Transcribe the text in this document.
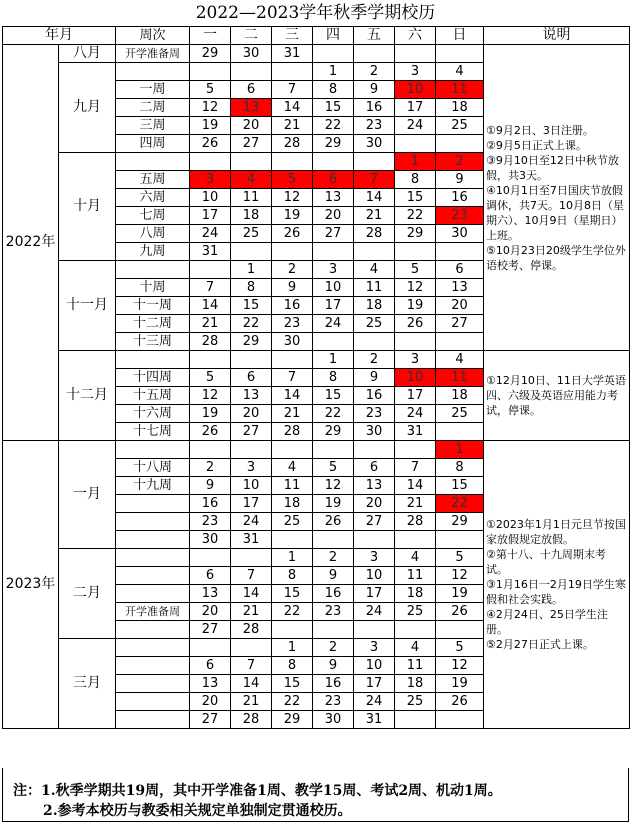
2022—2023学年秋季学期校历
年月		周次	一	二	三	四	五	六	日	说明
2022年	八月	开学准备周	29	30	31					①9月2日、3日注册。
②9月5日正式上课。
③9月10日至12日中秋节放假，共3天。
④10月1日至7日国庆节放假调休，共7天。10月8日（星期六）、10月9日（星期日）上班。
⑤10月23日20级学生学位外语校考、停课。

	九月					1	2	3	4	
		一周	5	6	7	8	9	10	11	
		二周	12	13	14	15	16	17	18	
		三周	19	20	21	22	23	24	25	
		四周	26	27	28	29	30			
	十月							1	2	
		五周	3	4	5	6	7	8	9	
		六周	10	11	12	13	14	15	16	
		七周	17	18	19	20	21	22	23	
		八周	24	25	26	27	28	29	30	
		九周	31							
	十一月			1	2	3	4	5	6	
		十周	7	8	9	10	11	12	13	
		十一周	14	15	16	17	18	19	20	
		十二周	21	22	23	24	25	26	27	
		十三周	28	29	30					
	十二月					1	2	3	4	①12月10日、11日大学英语四、六级及英语应用能力考试，停课。

		十四周	5	6	7	8	9	10	11	
		十五周	12	13	14	15	16	17	18	
		十六周	19	20	21	22	23	24	25	
		十七周	26	27	28	29	30	31		
2023年	一月								1	①2023年1月1日元旦节按国家放假规定放假。
②第十八、十九周期末考试。
③1月16日一2月19日学生寒假和社会实践。
④2月24日、25日学生注册。
⑤2月27日正式上课。

		十八周	2	3	4	5	6	7	8	
		十九周	9	10	11	12	13	14	15	
			16	17	18	19	20	21	22	
			23	24	25	26	27	28	29	
			30	31						
	二月				1	2	3	4	5	
			6	7	8	9	10	11	12	
			13	14	15	16	17	18	19	
		开学准备周	20	21	22	23	24	25	26	
			27	28						
	三月				1	2	3	4	5	
			6	7	8	9	10	11	12	
			13	14	15	16	17	18	19	
			20	21	22	23	24	25	26	
			27	28	29	30	31			
注：1.秋季学期共19周，其中开学准备1周、教学15周、考试2周、机动1周。
2.参考本校历与教委相关规定单独制定贯通校历。
